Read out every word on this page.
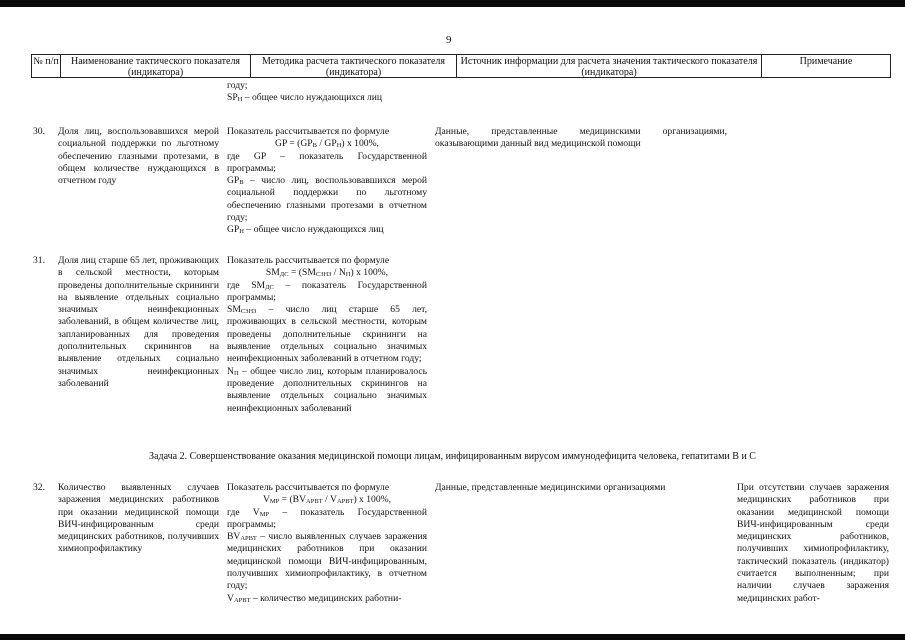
9
№ п/п	Наименование тактического показателя (индикатора)
Методика расчета тактического показателя (индикатора)
Источник информации для расчета значения тактического показателя (индикатора)
Примечание
году;
$SP_Н$ – общее число нуждающихся лиц
30. Доля лиц, воспользовавшихся мерой социальной поддержки по льготному обеспечению глазными протезами, в общем количестве нуждающихся в отчетном году
Показатель рассчитывается по формуле
GP = $(GP_В / GP_Н)$ x 100%,
где GP – показатель Государственной программы;
$GP_В$ – число лиц, воспользовавшихся мерой социальной поддержки по льготному обеспечению глазными протезами в отчетном году;
$GP_Н$ – общее число нуждающихся лиц
Данные, представленные медицинскими организациями, оказывающими данный вид медицинской помощи
31. Доля лиц старше 65 лет, проживающих в сельской местности, которым проведены дополнительные скрининги на выявление отдельных социально значимых неинфекционных заболеваний, в общем количестве лиц, запланированных для проведения дополнительных скринингов на выявление отдельных социально значимых неинфекционных заболеваний
Показатель рассчитывается по формуле
$SM_{ДС} = (SM_{СЗНЗ} / N_П)$ x 100%,
где $SM_{ДС}$ – показатель Государственной программы;
$SM_{СЗНЗ}$ – число лиц старше 65 лет, проживающих в сельской местности, которым проведены дополнительные скрининги на выявление отдельных социально значимых неинфекционных заболеваний в отчетном году;
$N_П$ – общее число лиц, которым планировалось проведение дополнительных скринингов на выявление отдельных социально значимых неинфекционных заболеваний
Задача 2. Совершенствование оказания медицинской помощи лицам, инфицированным вирусом иммунодефицита человека, гепатитами В и С
32. Количество выявленных случаев заражения медицинских работников при оказании медицинской помощи ВИЧ-инфицированным среди медицинских работников, получивших химиопрофилактику
Показатель рассчитывается по формуле
$V_{МР} = (BV_{АРВТ} / V_{АРВТ})$ x 100%,
где $V_{МР}$ – показатель Государственной программы;
$BV_{АРВТ}$ – число выявленных случаев заражения медицинских работников при оказании медицинской помощи ВИЧ-инфицированным, получивших химиопрофилактику, в отчетном году;
$V_{АРВТ}$ – количество медицинских работни-
Данные, представленные медицинскими организациями	При отсутствии случаев заражения медицинских работников при оказании медицинской помощи ВИЧ-инфицированным среди медицинских работников, получивших химиопрофилактику, тактический показатель (индикатор) считается выполненным; при наличии случаев заражения медицинских работ-
